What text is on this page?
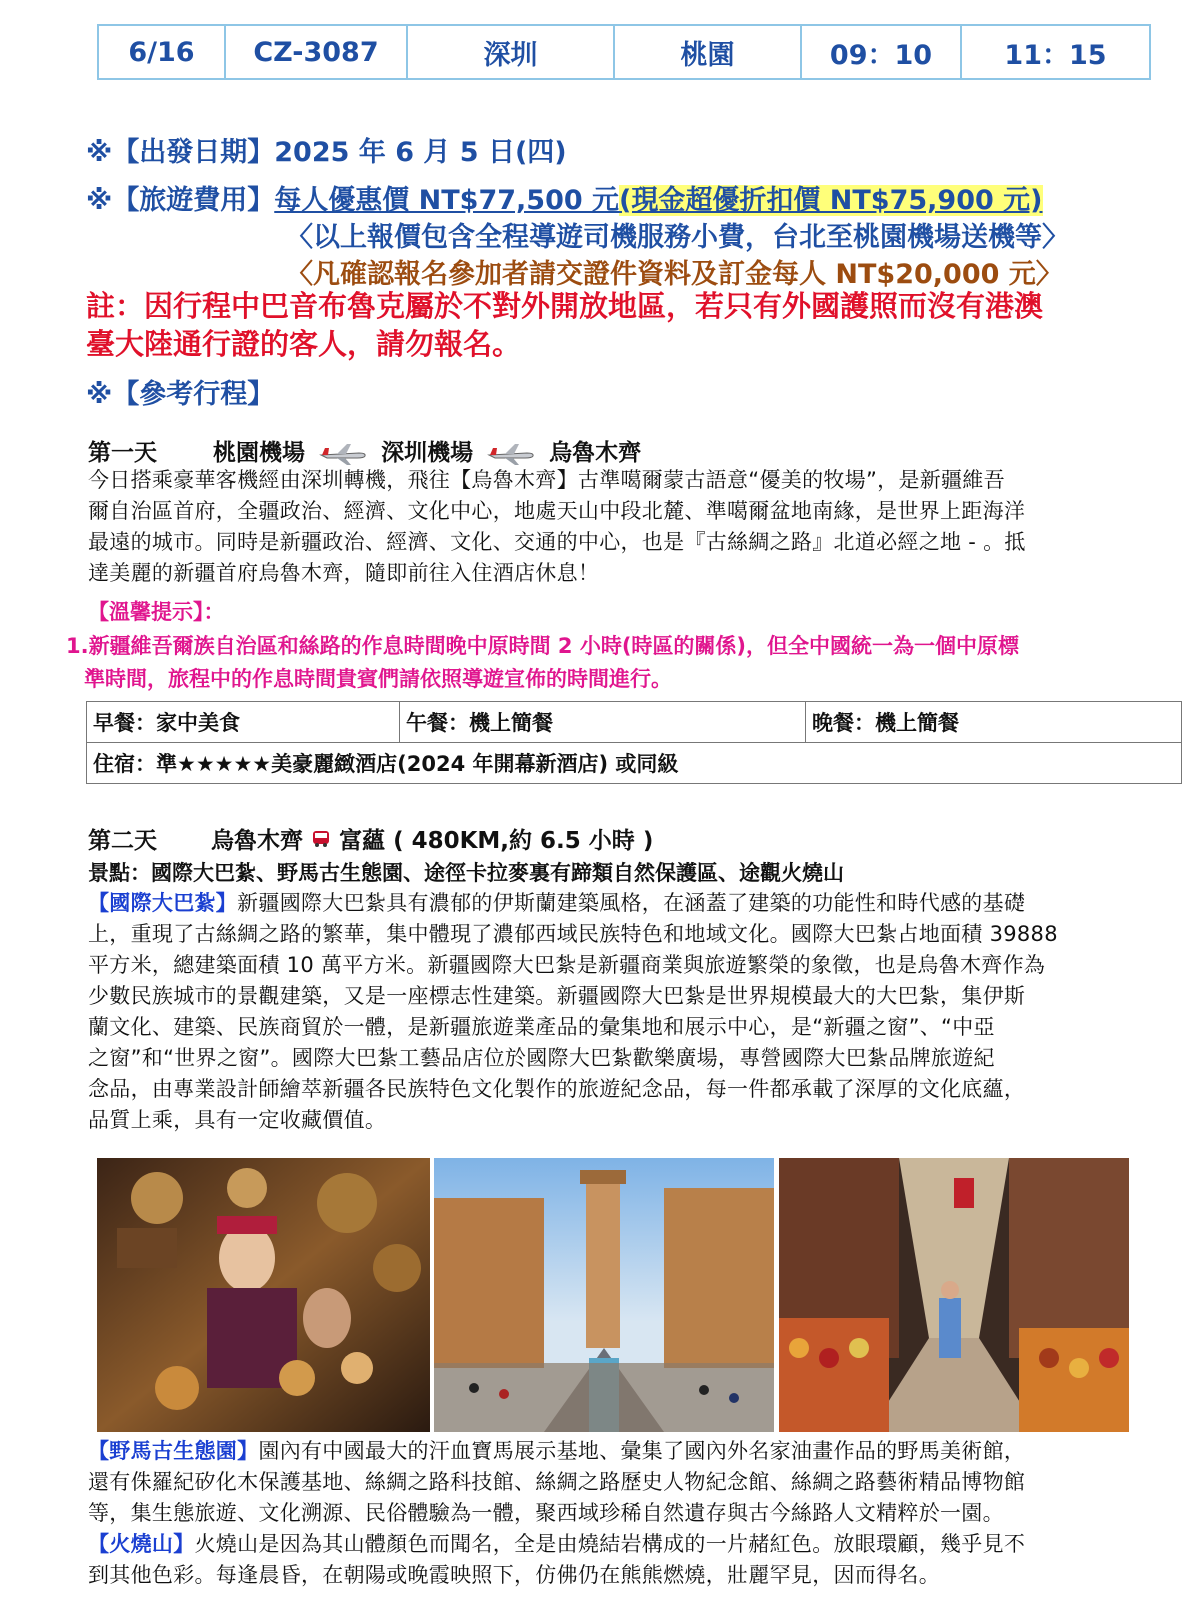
6/16	CZ-3087	深圳	桃園	09：10	11：15
※【出發日期】2025 年 6 月 5 日(四)
※【旅遊費用】每人優惠價 NT$77,500 元(現金超優折扣價 NT$75,900 元)
〈以上報價包含全程導遊司機服務小費，台北至桃園機場送機等〉
〈凡確認報名參加者請交證件資料及訂金每人 NT$20,000 元〉
註：因行程中巴音布魯克屬於不對外開放地區，若只有外國護照而沒有港澳
臺大陸通行證的客人，請勿報名。
※【參考行程】
第一天 桃園機場	深圳機場	烏魯木齊
今日搭乘豪華客機經由深圳轉機，飛往【烏魯木齊】古準噶爾蒙古語意“優美的牧場”，是新疆維吾
爾自治區首府，全疆政治、經濟、文化中心，地處天山中段北麓、準噶爾盆地南緣，是世界上距海洋
最遠的城市。同時是新疆政治、經濟、文化、交通的中心，也是『古絲綢之路』北道必經之地 - 。抵
達美麗的新疆首府烏魯木齊，隨即前往入住酒店休息！
【溫馨提示】：
1.新疆維吾爾族自治區和絲路的作息時間晚中原時間 2 小時(時區的關係)，但全中國統一為一個中原標
準時間，旅程中的作息時間貴賓們請依照導遊宣佈的時間進行。
早餐：家中美食	午餐：機上簡餐	晚餐：機上簡餐
住宿：準★★★★★美豪麗緻酒店(2024 年開幕新酒店) 或同級
第二天 烏魯木齊 富蘊 ( 480KM,約 6.5 小時 )
景點：國際大巴紮、野馬古生態園、途徑卡拉麥裏有蹄類自然保護區、途觀火燒山
【國際大巴紮】新疆國際大巴紮具有濃郁的伊斯蘭建築風格，在涵蓋了建築的功能性和時代感的基礎
上，重現了古絲綢之路的繁華，集中體現了濃郁西域民族特色和地域文化。國際大巴紮占地面積 39888
平方米，總建築面積 10 萬平方米。新疆國際大巴紮是新疆商業與旅遊繁榮的象徵，也是烏魯木齊作為
少數民族城市的景觀建築，又是一座標志性建築。新疆國際大巴紮是世界規模最大的大巴紮，集伊斯
蘭文化、建築、民族商貿於一體，是新疆旅遊業產品的彙集地和展示中心，是“新疆之窗”、“中亞
之窗”和“世界之窗”。國際大巴紮工藝品店位於國際大巴紮歡樂廣場，專營國際大巴紮品牌旅遊紀
念品，由專業設計師繪萃新疆各民族特色文化製作的旅遊紀念品，每一件都承載了深厚的文化底蘊，
品質上乘，具有一定收藏價值。
【野馬古生態園】園內有中國最大的汗血寶馬展示基地、彙集了國內外名家油畫作品的野馬美術館，
還有侏羅紀矽化木保護基地、絲綢之路科技館、絲綢之路歷史人物紀念館、絲綢之路藝術精品博物館
等，集生態旅遊、文化溯源、民俗體驗為一體，聚西域珍稀自然遺存與古今絲路人文精粹於一園。
【火燒山】火燒山是因為其山體顏色而聞名，全是由燒結岩構成的一片赭紅色。放眼環顧，幾乎見不
到其他色彩。每逢晨昏，在朝陽或晚霞映照下，仿佛仍在熊熊燃燒，壯麗罕見，因而得名。
